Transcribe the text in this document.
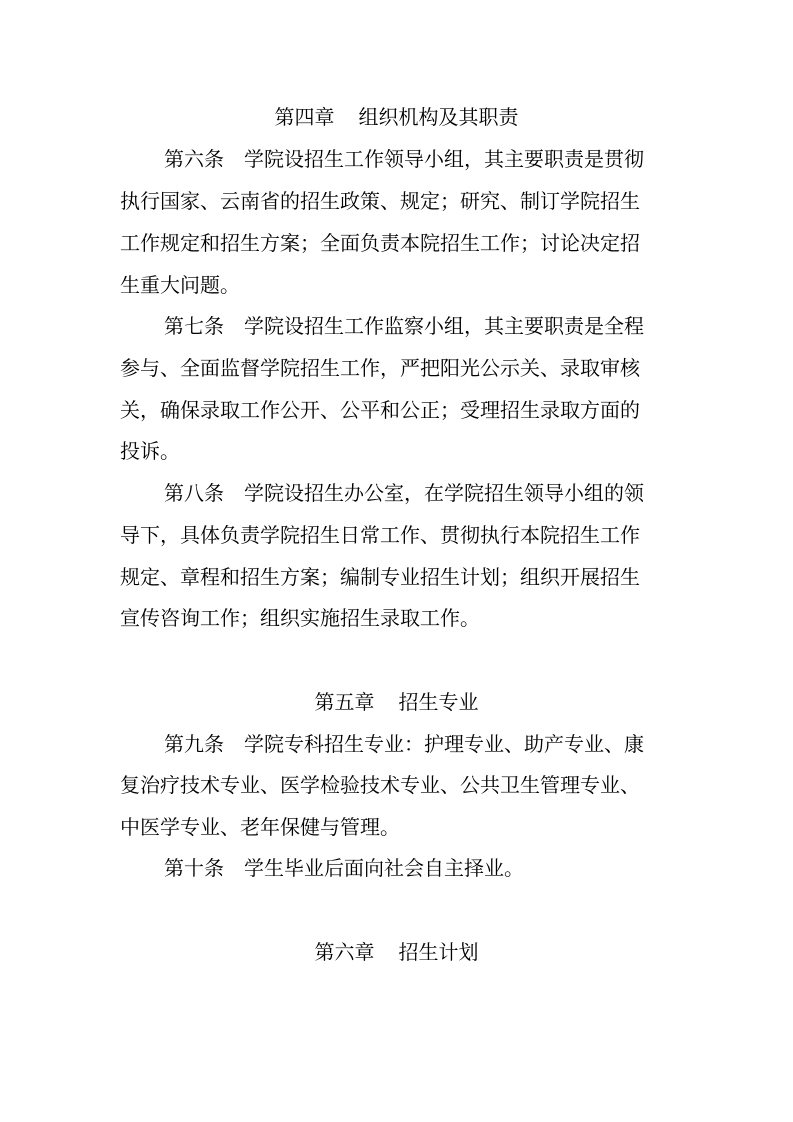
第四章 组织机构及其职责
第六条　学院设招生工作领导小组，其主要职责是贯彻
执行国家、云南省的招生政策、规定；研究、制订学院招生
工作规定和招生方案；全面负责本院招生工作；讨论决定招
生重大问题。
第七条　学院设招生工作监察小组，其主要职责是全程
参与、全面监督学院招生工作，严把阳光公示关、录取审核
关，确保录取工作公开、公平和公正；受理招生录取方面的
投诉。
第八条　学院设招生办公室，在学院招生领导小组的领
导下，具体负责学院招生日常工作、贯彻执行本院招生工作
规定、章程和招生方案；编制专业招生计划；组织开展招生
宣传咨询工作；组织实施招生录取工作。
第五章 招生专业
第九条　学院专科招生专业：护理专业、助产专业、康
复治疗技术专业、医学检验技术专业、公共卫生管理专业、
中医学专业、老年保健与管理。
第十条　学生毕业后面向社会自主择业。
第六章 招生计划
